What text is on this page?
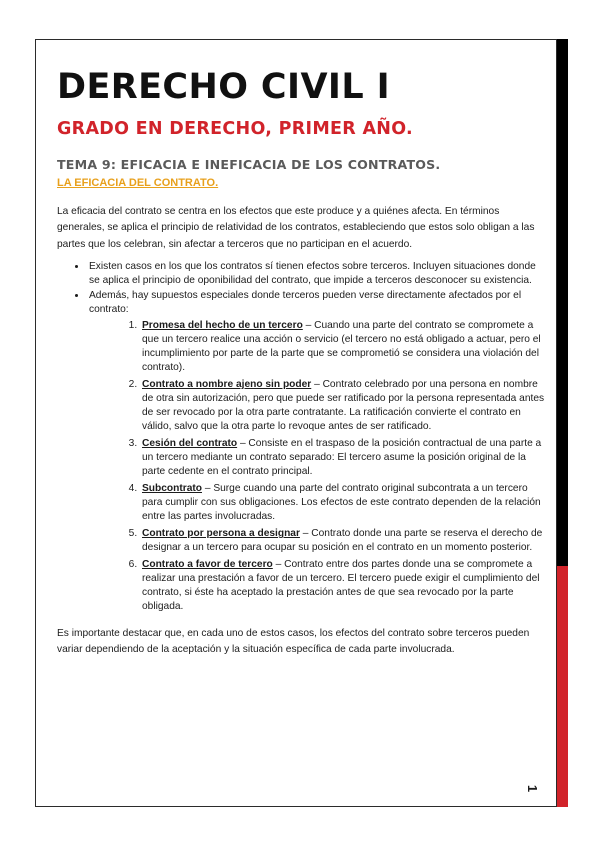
DERECHO CIVIL I
GRADO EN DERECHO, PRIMER AÑO.
TEMA 9: EFICACIA E INEFICACIA DE LOS CONTRATOS.
LA EFICACIA DEL CONTRATO.

La eficacia del contrato se centra en los efectos que este produce y a quiénes afecta. En términos generales, se aplica el principio de relatividad de los contratos, estableciendo que estos solo obligan a las partes que los celebran, sin afectar a terceros que no participan en el acuerdo.

• Existen casos en los que los contratos sí tienen efectos sobre terceros. Incluyen situaciones donde se aplica el principio de oponibilidad del contrato, que impide a terceros desconocer su existencia.
• Además, hay supuestos especiales donde terceros pueden verse directamente afectados por el contrato:
1. Promesa del hecho de un tercero – Cuando una parte del contrato se compromete a que un tercero realice una acción o servicio (el tercero no está obligado a actuar, pero el incumplimiento por parte de la parte que se comprometió se considera una violación del contrato).
2. Contrato a nombre ajeno sin poder – Contrato celebrado por una persona en nombre de otra sin autorización, pero que puede ser ratificado por la persona representada antes de ser revocado por la otra parte contratante. La ratificación convierte el contrato en válido, salvo que la otra parte lo revoque antes de ser ratificado.
3. Cesión del contrato – Consiste en el traspaso de la posición contractual de una parte a un tercero mediante un contrato separado: El tercero asume la posición original de la parte cedente en el contrato principal.
4. Subcontrato – Surge cuando una parte del contrato original subcontrata a un tercero para cumplir con sus obligaciones. Los efectos de este contrato dependen de la relación entre las partes involucradas.
5. Contrato por persona a designar – Contrato donde una parte se reserva el derecho de designar a un tercero para ocupar su posición en el contrato en un momento posterior.
6. Contrato a favor de tercero – Contrato entre dos partes donde una se compromete a realizar una prestación a favor de un tercero. El tercero puede exigir el cumplimiento del contrato, si éste ha aceptado la prestación antes de que sea revocado por la parte obligada.

Es importante destacar que, en cada uno de estos casos, los efectos del contrato sobre terceros pueden variar dependiendo de la aceptación y la situación específica de cada parte involucrada.

1
